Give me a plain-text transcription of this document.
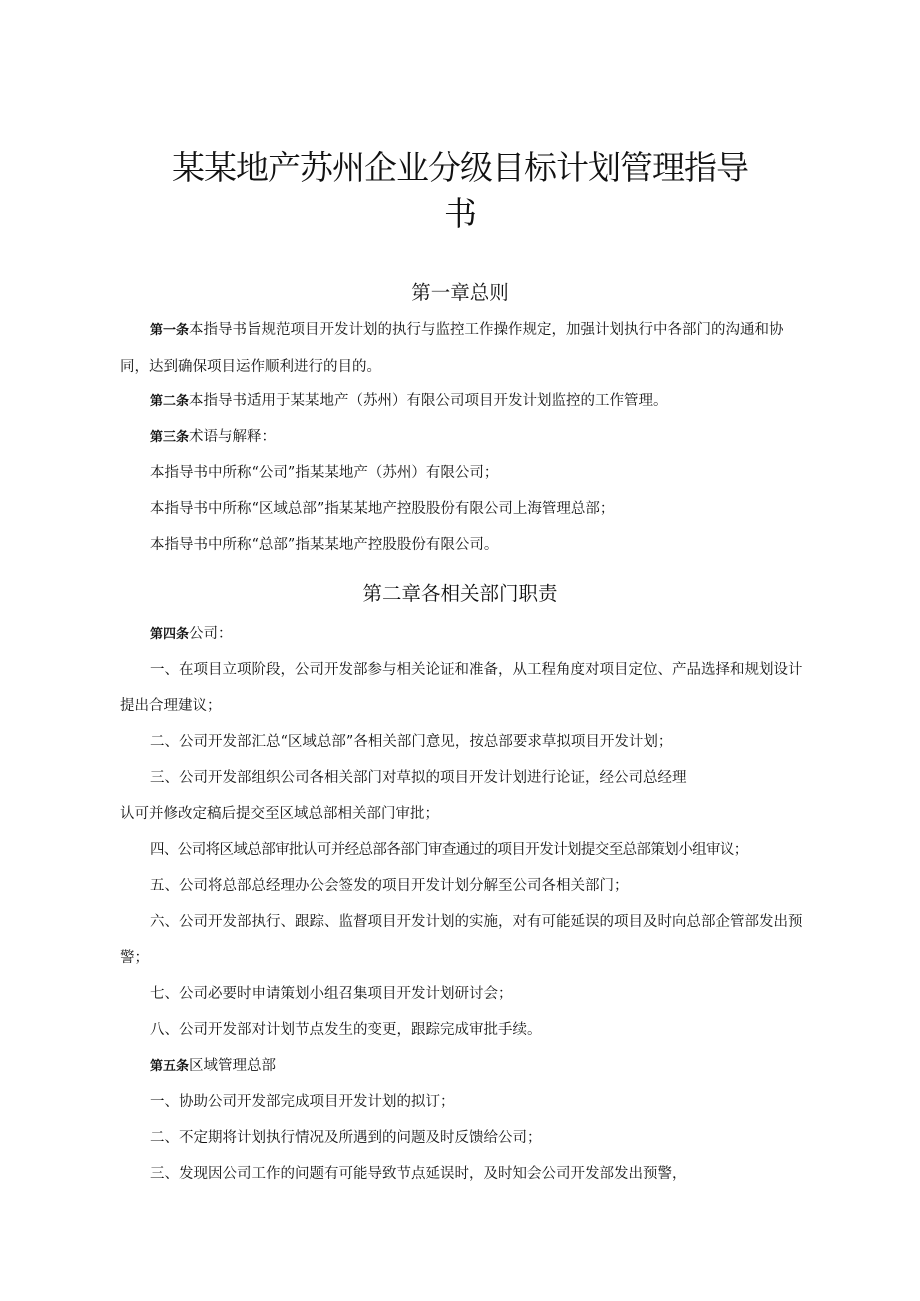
某某地产苏州企业分级目标计划管理指导
书
第一章总则
第一条本指导书旨规范项目开发计划的执行与监控工作操作规定，加强计划执行中各部门的沟通和协同，达到确保项目运作顺利进行的目的。
第二条本指导书适用于某某地产（苏州）有限公司项目开发计划监控的工作管理。
第三条术语与解释：
本指导书中所称“公司”指某某地产（苏州）有限公司；
本指导书中所称“区域总部”指某某地产控股股份有限公司上海管理总部；
本指导书中所称“总部”指某某地产控股股份有限公司。
第二章各相关部门职责
第四条公司：
一、在项目立项阶段，公司开发部参与相关论证和准备，从工程角度对项目定位、产品选择和规划设计提出合理建议；
二、公司开发部汇总“区域总部”各相关部门意见，按总部要求草拟项目开发计划；
三、公司开发部组织公司各相关部门对草拟的项目开发计划进行论证，经公司总经理
认可并修改定稿后提交至区域总部相关部门审批；
四、公司将区域总部审批认可并经总部各部门审查通过的项目开发计划提交至总部策划小组审议；
五、公司将总部总经理办公会签发的项目开发计划分解至公司各相关部门；
六、公司开发部执行、跟踪、监督项目开发计划的实施，对有可能延误的项目及时向总部企管部发出预警；
七、公司必要时申请策划小组召集项目开发计划研讨会；
八、公司开发部对计划节点发生的变更，跟踪完成审批手续。
第五条区域管理总部
一、协助公司开发部完成项目开发计划的拟订；
二、不定期将计划执行情况及所遇到的问题及时反馈给公司；
三、发现因公司工作的问题有可能导致节点延误时，及时知会公司开发部发出预警，
